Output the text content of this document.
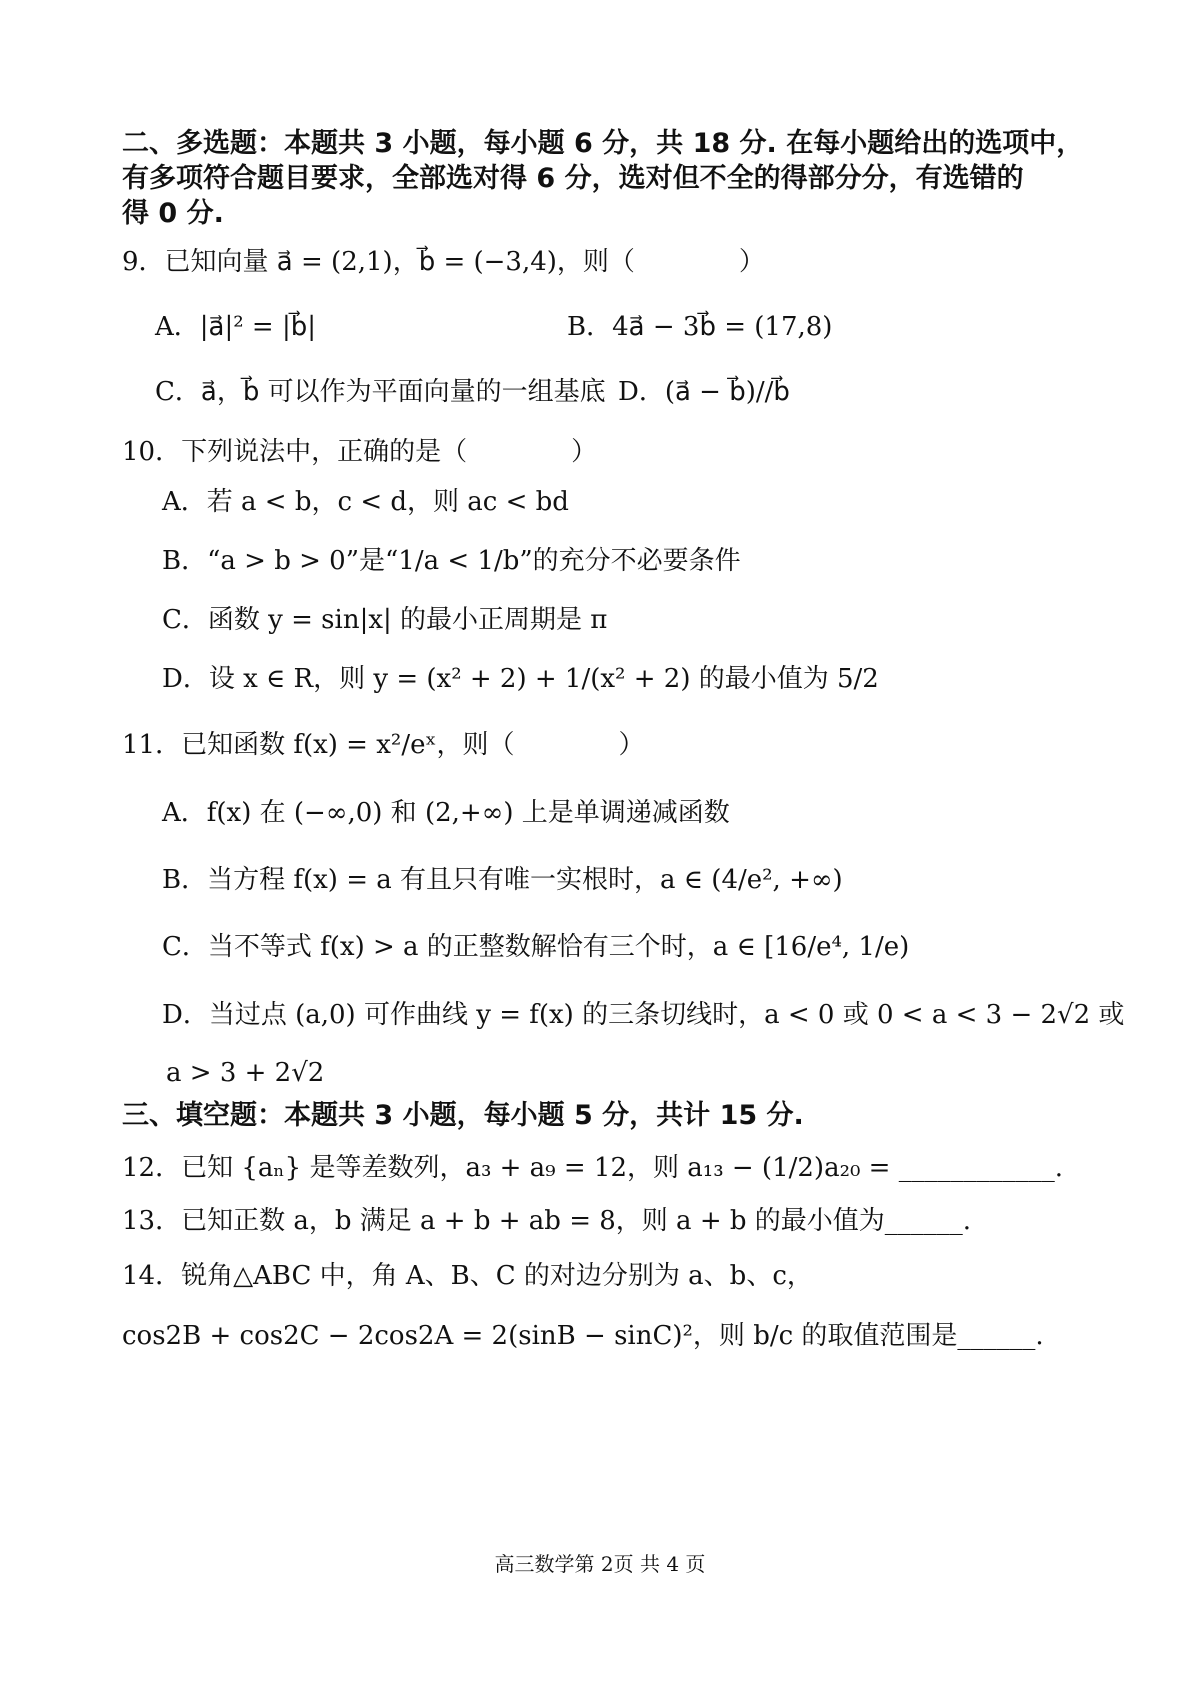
二、多选题：本题共 3 小题，每小题 6 分，共 18 分. 在每小题给出的选项中，
有多项符合题目要求，全部选对得 6 分，选对但不全的得部分分，有选错的
得 0 分.
9．已知向量 a⃗ = (2,1)，b⃗ = (−3,4)，则（　　　　）
A．|a⃗|² = |b⃗|	B．4a⃗ − 3b⃗ = (17,8)
C．a⃗，b⃗ 可以作为平面向量的一组基底 D．(a⃗ − b⃗)//b⃗
10．下列说法中，正确的是（　　　　）
A．若 a < b，c < d，则 ac < bd
B．“a > b > 0”是“1/a < 1/b”的充分不必要条件
C．函数 y = sin|x| 的最小正周期是 π
D．设 x ∈ R，则 y = (x² + 2) + 1/(x² + 2) 的最小值为 5/2
11．已知函数 f(x) = x²/eˣ，则（　　　　）
A．f(x) 在 (−∞,0) 和 (2,+∞) 上是单调递减函数
B．当方程 f(x) = a 有且只有唯一实根时，a ∈ (4/e², +∞)
C．当不等式 f(x) > a 的正整数解恰有三个时，a ∈ [16/e⁴, 1/e)
D．当过点 (a,0) 可作曲线 y = f(x) 的三条切线时，a < 0 或 0 < a < 3 − 2√2 或
a > 3 + 2√2
三、填空题：本题共 3 小题，每小题 5 分，共计 15 分.
12．已知 {aₙ} 是等差数列，a₃ + a₉ = 12，则 a₁₃ − (1/2)a₂₀ = ____________.
13．已知正数 a，b 满足 a + b + ab = 8，则 a + b 的最小值为______.
14．锐角△ABC 中，角 A、B、C 的对边分别为 a、b、c，
cos2B + cos2C − 2cos2A = 2(sinB − sinC)²，则 b/c 的取值范围是______.
高三数学第 2页 共 4 页
